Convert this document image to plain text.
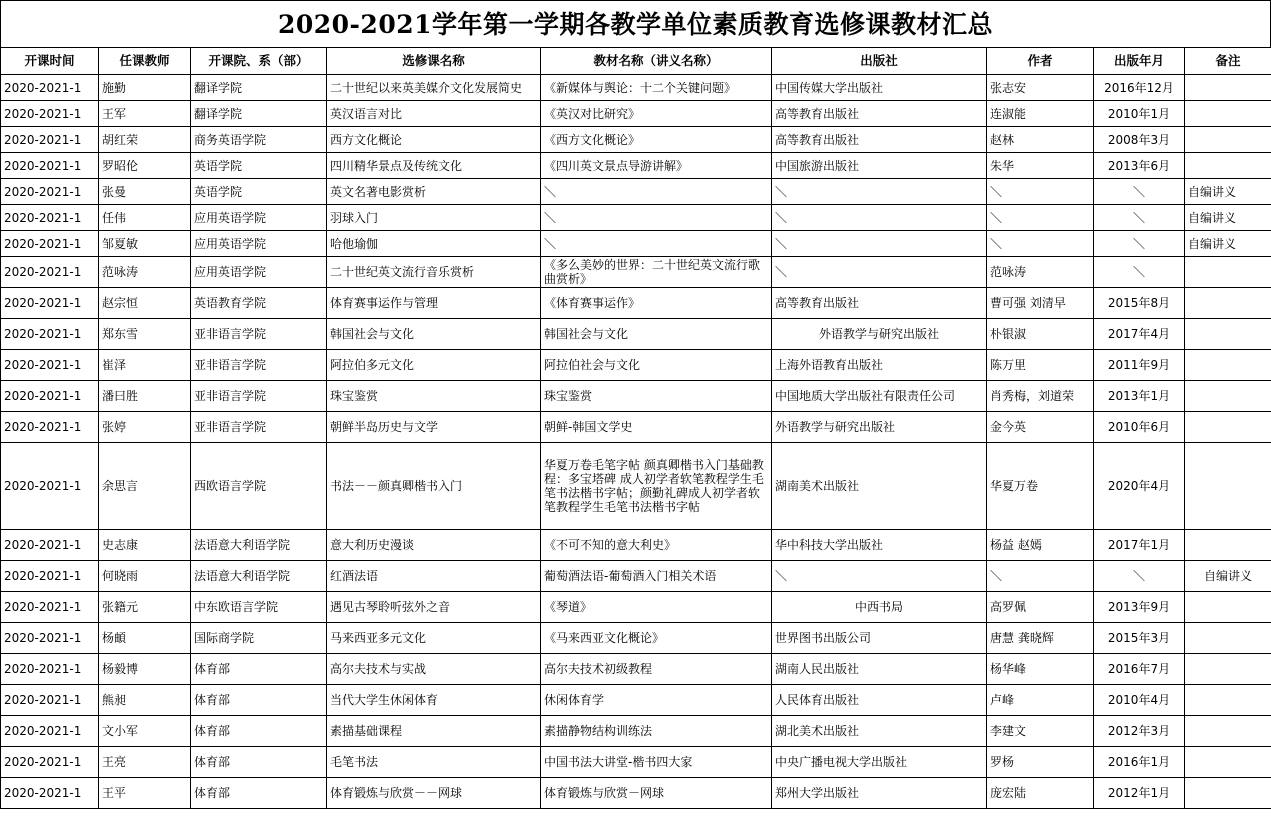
2020-2021学年第一学期各教学单位素质教育选修课教材汇总
开课时间	任课教师	开课院、系（部）	选修课名称	教材名称（讲义名称）	出版社	作者	出版年月	备注
2020-2021-1	施勤	翻译学院	二十世纪以来英美媒介文化发展简史	《新媒体与舆论：十二个关键问题》	中国传媒大学出版社	张志安	2016年12月	
2020-2021-1	王军	翻译学院	英汉语言对比	《英汉对比研究》	高等教育出版社	连淑能	2010年1月	
2020-2021-1	胡红荣	商务英语学院	西方文化概论	《西方文化概论》	高等教育出版社	赵林	2008年3月	
2020-2021-1	罗昭伦	英语学院	四川精华景点及传统文化	《四川英文景点导游讲解》	中国旅游出版社	朱华	2013年6月	
2020-2021-1	张曼	英语学院	英文名著电影赏析	＼	＼	＼	＼	自编讲义
2020-2021-1	任伟	应用英语学院	羽球入门	＼	＼	＼	＼	自编讲义
2020-2021-1	邹夏敏	应用英语学院	哈他瑜伽	＼	＼	＼	＼	自编讲义
2020-2021-1	范咏涛	应用英语学院	二十世纪英文流行音乐赏析	《多么美妙的世界：二十世纪英文流行歌曲赏析》	＼	范咏涛	＼	
2020-2021-1	赵宗恒	英语教育学院	体育赛事运作与管理	《体育赛事运作》	高等教育出版社	曹可强 刘清早	2015年8月	
2020-2021-1	郑东雪	亚非语言学院	韩国社会与文化	韩国社会与文化	外语教学与研究出版社	朴银淑	2017年4月	
2020-2021-1	崔泽	亚非语言学院	阿拉伯多元文化	阿拉伯社会与文化	上海外语教育出版社	陈万里	2011年9月	
2020-2021-1	潘曰胜	亚非语言学院	珠宝鉴赏	珠宝鉴赏	中国地质大学出版社有限责任公司	肖秀梅，刘道荣	2013年1月	
2020-2021-1	张婷	亚非语言学院	朝鲜半岛历史与文学	朝鲜-韩国文学史	外语教学与研究出版社	金今英	2010年6月	
2020-2021-1	余思言	西欧语言学院	书法－－颜真卿楷书入门	华夏万卷毛笔字帖 颜真卿楷书入门基础教程：多宝塔碑 成人初学者软笔教程学生毛笔书法楷书字帖；颜勤礼碑成人初学者软笔教程学生毛笔书法楷书字帖	湖南美术出版社	华夏万卷	2020年4月	
2020-2021-1	史志康	法语意大利语学院	意大利历史漫谈	《不可不知的意大利史》	华中科技大学出版社	杨益 赵嫣	2017年1月	
2020-2021-1	何晓雨	法语意大利语学院	红酒法语	葡萄酒法语-葡萄酒入门相关术语	＼	＼	＼	自编讲义
2020-2021-1	张籍元	中东欧语言学院	遇见古琴聆听弦外之音	《琴道》	中西书局	高罗佩	2013年9月	
2020-2021-1	杨頔	国际商学院	马来西亚多元文化	《马来西亚文化概论》	世界图书出版公司	唐慧 龚晓辉	2015年3月	
2020-2021-1	杨毅博	体育部	高尔夫技术与实战	高尔夫技术初级教程	湖南人民出版社	杨华峰	2016年7月	
2020-2021-1	熊昶	体育部	当代大学生休闲体育	休闲体育学	人民体育出版社	卢峰	2010年4月	
2020-2021-1	文小军	体育部	素描基础课程	素描静物结构训练法	湖北美术出版社	李建文	2012年3月	
2020-2021-1	王亮	体育部	毛笔书法	中国书法大讲堂-楷书四大家	中央广播电视大学出版社	罗杨	2016年1月	
2020-2021-1	王平	体育部	体育锻炼与欣赏－－网球	体育锻炼与欣赏－网球	郑州大学出版社	庞宏陆	2012年1月	
